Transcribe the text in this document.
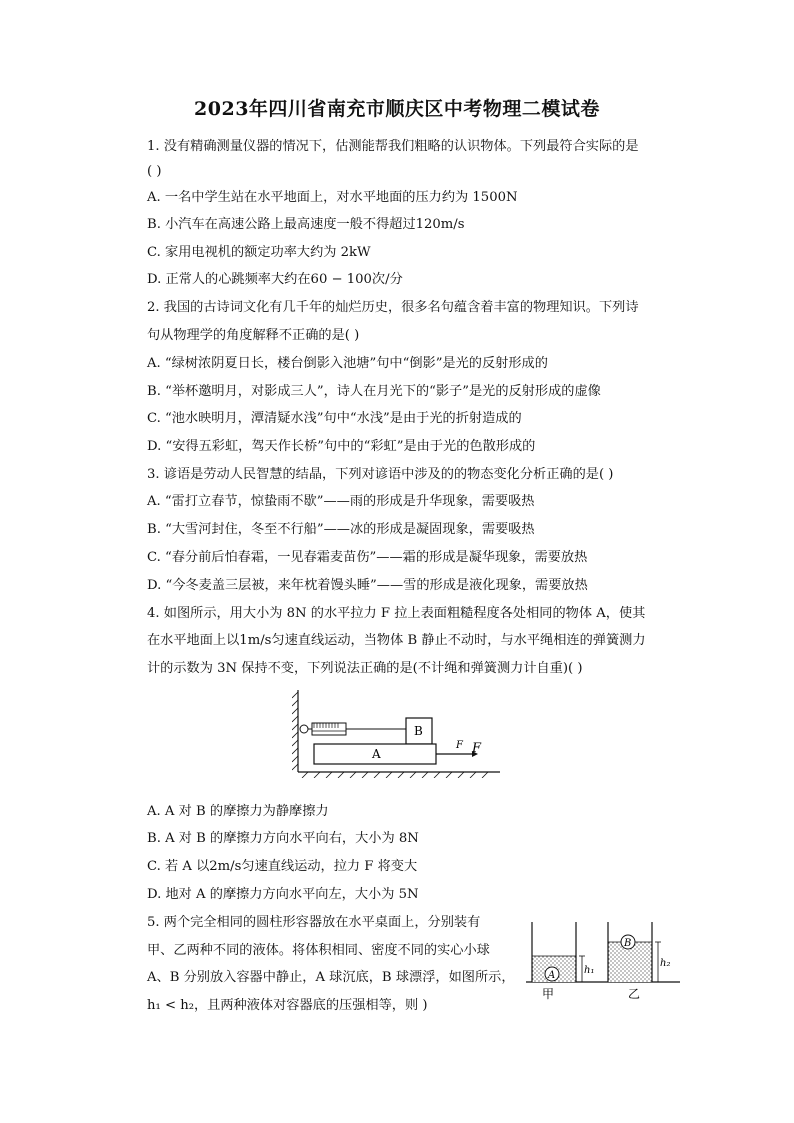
2023年四川省南充市顺庆区中考物理二模试卷
1. 没有精确测量仪器的情况下，估测能帮我们粗略的认识物体。下列最符合实际的是
( )
A. 一名中学生站在水平地面上，对水平地面的压力约为 1500N
B. 小汽车在高速公路上最高速度一般不得超过120m/s
C. 家用电视机的额定功率大约为 2kW
D. 正常人的心跳频率大约在60 − 100次/分
2. 我国的古诗词文化有几千年的灿烂历史，很多名句蕴含着丰富的物理知识。下列诗
句从物理学的角度解释不正确的是( )
A. “绿树浓阴夏日长，楼台倒影入池塘”句中“倒影”是光的反射形成的
B. “举杯邀明月，对影成三人”，诗人在月光下的“影子”是光的反射形成的虚像
C. “池水映明月，潭清疑水浅”句中“水浅”是由于光的折射造成的
D. “安得五彩虹，驾天作长桥”句中的“彩虹”是由于光的色散形成的
3. 谚语是劳动人民智慧的结晶，下列对谚语中涉及的的物态变化分析正确的是( )
A. “雷打立春节，惊蛰雨不歇”——雨的形成是升华现象，需要吸热
B. “大雪河封住，冬至不行船”——冰的形成是凝固现象，需要吸热
C. “春分前后怕春霜，一见春霜麦苗伤”——霜的形成是凝华现象，需要放热
D. “今冬麦盖三层被，来年枕着馒头睡”——雪的形成是液化现象，需要放热
4. 如图所示，用大小为 8N 的水平拉力 F 拉上表面粗糙程度各处相同的物体 A，使其
在水平地面上以1m/s匀速直线运动，当物体 B 静止不动时，与水平绳相连的弹簧测力
计的示数为 3N 保持不变，下列说法正确的是(不计绳和弹簧测力计自重)( )
B
A
F F
A. A 对 B 的摩擦力为静摩擦力
B. A 对 B 的摩擦力方向水平向右，大小为 8N
C. 若 A 以2m/s匀速直线运动，拉力 F 将变大
D. 地对 A 的摩擦力方向水平向左，大小为 5N
5. 两个完全相同的圆柱形容器放在水平桌面上，分别装有
甲、乙两种不同的液体。将体积相同、密度不同的实心小球
A、B 分别放入容器中静止，A 球沉底，B 球漂浮，如图所示，
h₁ < h₂，且两种液体对容器底的压强相等，则 )
A	h₁
甲
B
h₂
乙
